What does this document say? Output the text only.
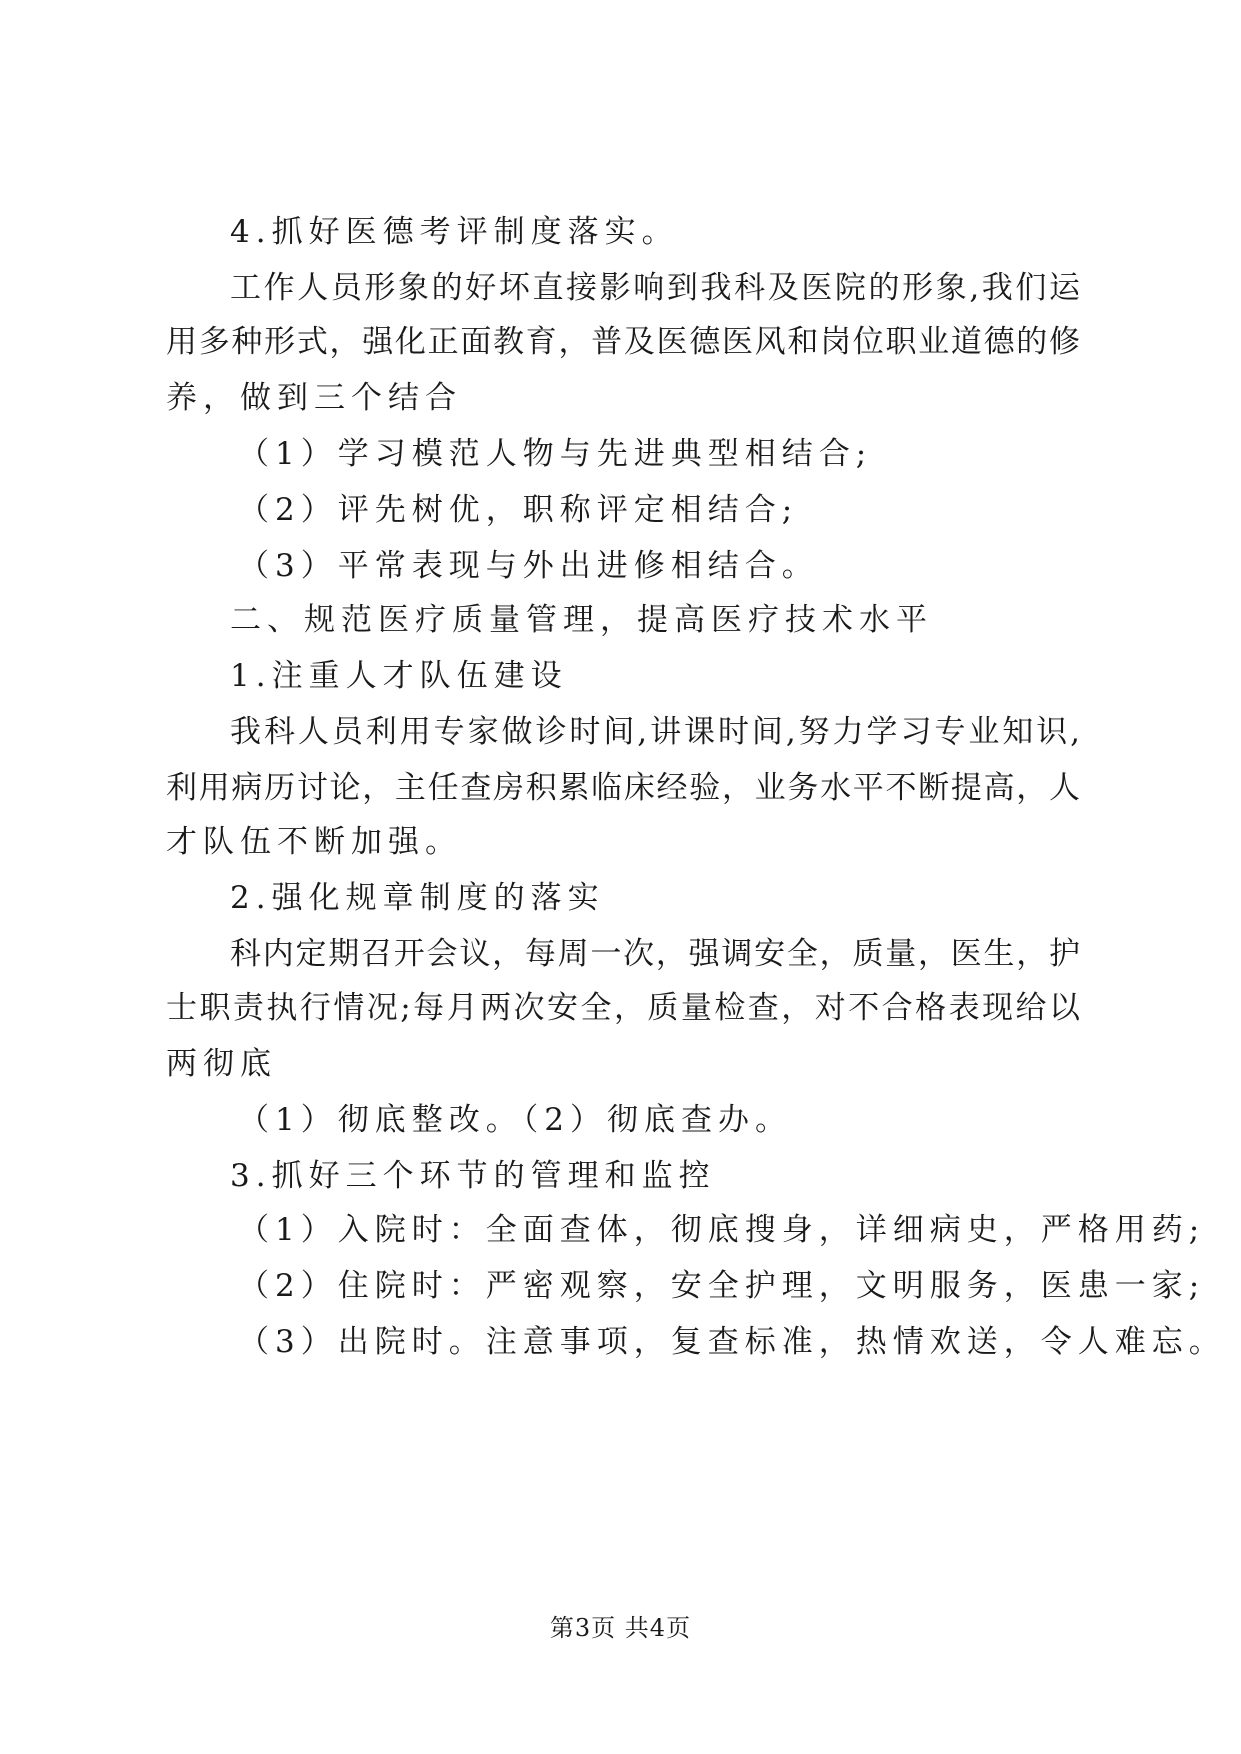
4.抓好医德考评制度落实。
工作人员形象的好坏直接影响到我科及医院的形象,我们运
用多种形式，强化正面教育，普及医德医风和岗位职业道德的修
养，做到三个结合
（1）学习模范人物与先进典型相结合;
（2）评先树优，职称评定相结合;
（3）平常表现与外出进修相结合。
二、规范医疗质量管理，提高医疗技术水平
1.注重人才队伍建设
我科人员利用专家做诊时间,讲课时间,努力学习专业知识,
利用病历讨论，主任查房积累临床经验，业务水平不断提高，人
才队伍不断加强。
2.强化规章制度的落实
科内定期召开会议，每周一次，强调安全，质量，医生，护
士职责执行情况;每月两次安全，质量检查，对不合格表现给以
两彻底
（1）彻底整改。（2）彻底查办。
3.抓好三个环节的管理和监控
（1）入院时：全面查体，彻底搜身，详细病史，严格用药;
（2）住院时：严密观察，安全护理，文明服务，医患一家;
（3）出院时。注意事项，复查标准，热情欢送，令人难忘。
第3页 共4页
